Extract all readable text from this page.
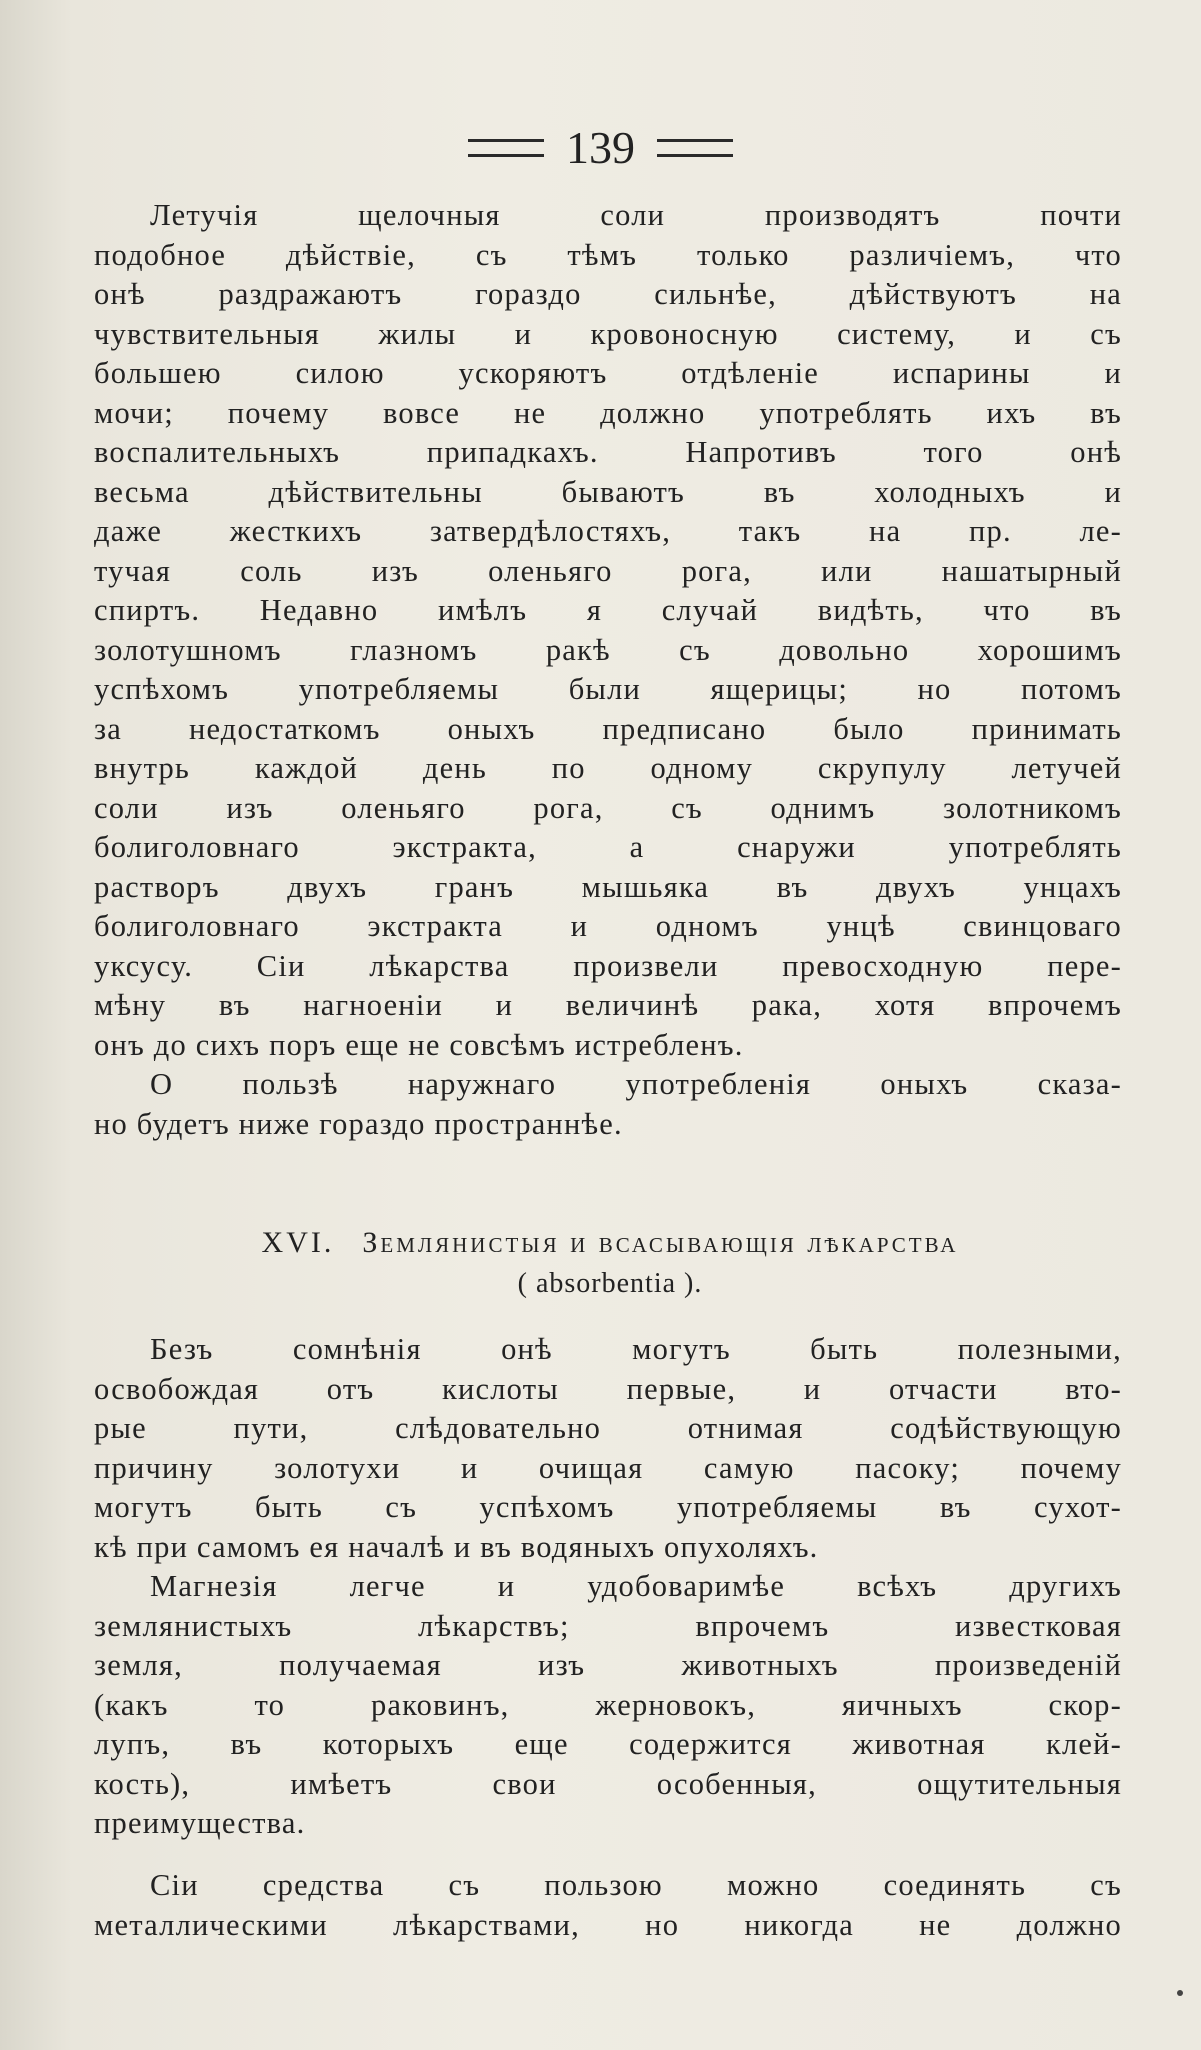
139
Летучія щелочныя соли производятъ почти
подобное дѣйствіе, съ тѣмъ только различіемъ, что
онѣ раздражаютъ гораздо сильнѣе, дѣйствуютъ на
чувствительныя жилы и кровоносную систему, и съ
большею силою ускоряютъ отдѣленіе испарины и
мочи; почему вовсе не должно употреблять ихъ въ
воспалительныхъ припадкахъ. Напротивъ того онѣ
весьма дѣйствительны бываютъ въ холодныхъ и
даже жесткихъ затвердѣлостяхъ, такъ на пр. ле-
тучая соль изъ оленьяго рога, или нашатырный
спиртъ. Недавно имѣлъ я случай видѣть, что въ
золотушномъ глазномъ ракѣ съ довольно хорошимъ
успѣхомъ употребляемы были ящерицы; но потомъ
за недостаткомъ оныхъ предписано было принимать
внутрь каждой день по одному скрупулу летучей
соли изъ оленьяго рога, съ однимъ золотникомъ
болиголовнаго экстракта, а снаружи употреблять
растворъ двухъ гранъ мышьяка въ двухъ унцахъ
болиголовнаго экстракта и одномъ унцѣ свинцоваго
уксусу. Сіи лѣкарства произвели превосходную пере-
мѣну въ нагноеніи и величинѣ рака, хотя впрочемъ
онъ до сихъ поръ еще не совсѣмъ истребленъ.
О пользѣ наружнаго употребленія оныхъ сказа-
но будетъ ниже гораздо пространнѣе.
XVI. Землянистыя и всасывающія лѣкарства
( absorbentia ).
Безъ сомнѣнія онѣ могутъ быть полезными,
освобождая отъ кислоты первые, и отчасти вто-
рые пути, слѣдовательно отнимая содѣйствующую
причину золотухи и очищая самую пасоку; почему
могутъ быть съ успѣхомъ употребляемы въ сухот-
кѣ при самомъ ея началѣ и въ водяныхъ опухоляхъ.
Магнезія легче и удобоваримѣе всѣхъ другихъ
землянистыхъ лѣкарствъ; впрочемъ известковая
земля, получаемая изъ животныхъ произведеній
(какъ то раковинъ, жерновокъ, яичныхъ скор-
лупъ, въ которыхъ еще содержится животная клей-
кость), имѣетъ свои особенныя, ощутительныя
преимущества.
Сіи средства съ пользою можно соединять съ
металлическими лѣкарствами, но никогда не должно
